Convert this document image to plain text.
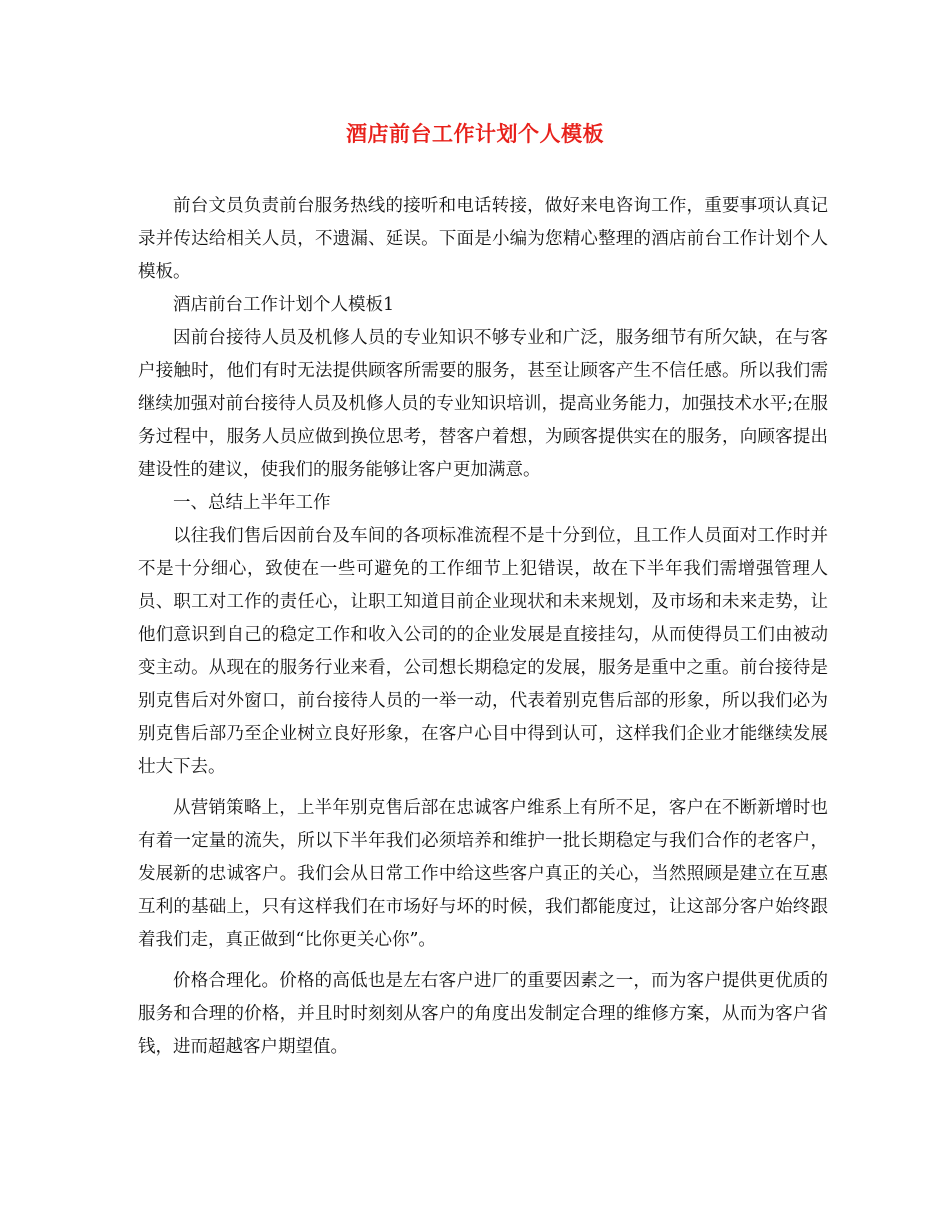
酒店前台工作计划个人模板

前台文员负责前台服务热线的接听和电话转接，做好来电咨询工作，重要事项认真记录并传达给相关人员，不遗漏、延误。下面是小编为您精心整理的酒店前台工作计划个人模板。

酒店前台工作计划个人模板1

因前台接待人员及机修人员的专业知识不够专业和广泛，服务细节有所欠缺，在与客户接触时，他们有时无法提供顾客所需要的服务，甚至让顾客产生不信任感。所以我们需继续加强对前台接待人员及机修人员的专业知识培训，提高业务能力，加强技术水平;在服务过程中，服务人员应做到换位思考，替客户着想，为顾客提供实在的服务，向顾客提出建设性的建议，使我们的服务能够让客户更加满意。

一、总结上半年工作

以往我们售后因前台及车间的各项标准流程不是十分到位，且工作人员面对工作时并不是十分细心，致使在一些可避免的工作细节上犯错误，故在下半年我们需增强管理人员、职工对工作的责任心，让职工知道目前企业现状和未来规划，及市场和未来走势，让他们意识到自己的稳定工作和收入公司的的企业发展是直接挂勾，从而使得员工们由被动变主动。从现在的服务行业来看，公司想长期稳定的发展，服务是重中之重。前台接待是别克售后对外窗口，前台接待人员的一举一动，代表着别克售后部的形象，所以我们必为别克售后部乃至企业树立良好形象，在客户心目中得到认可，这样我们企业才能继续发展壮大下去。

从营销策略上，上半年别克售后部在忠诚客户维系上有所不足，客户在不断新增时也有着一定量的流失，所以下半年我们必须培养和维护一批长期稳定与我们合作的老客户，发展新的忠诚客户。我们会从日常工作中给这些客户真正的关心，当然照顾是建立在互惠互利的基础上，只有这样我们在市场好与坏的时候，我们都能度过，让这部分客户始终跟着我们走，真正做到“比你更关心你”。

价格合理化。价格的高低也是左右客户进厂的重要因素之一，而为客户提供更优质的服务和合理的价格，并且时时刻刻从客户的角度出发制定合理的维修方案，从而为客户省钱，进而超越客户期望值。
